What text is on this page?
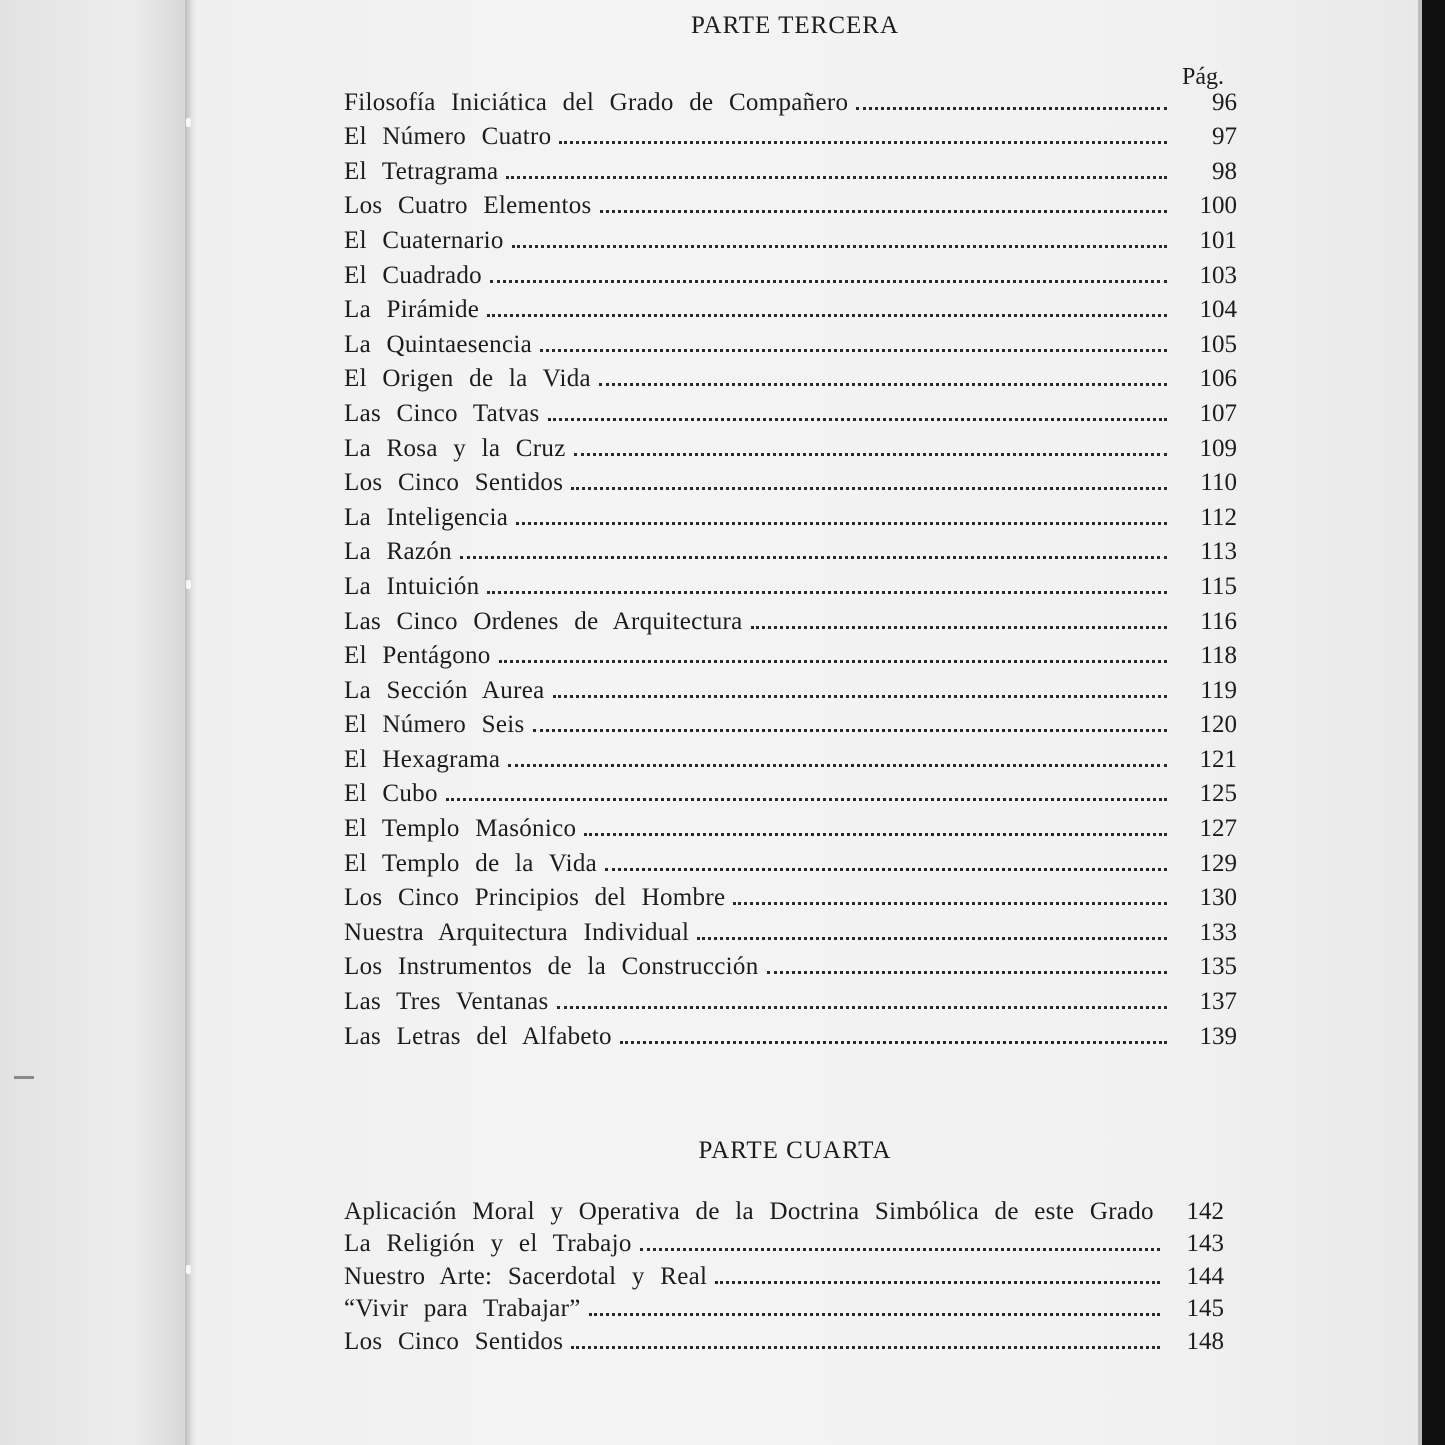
PARTE TERCERA
Pág.
Filosofía Iniciática del Grado de Compañero	96
El Número Cuatro	97
El Tetragrama	98
Los Cuatro Elementos	100
El Cuaternario	101
El Cuadrado	103
La Pirámide	104
La Quintaesencia	105
El Origen de la Vida	106
Las Cinco Tatvas	107
La Rosa y la Cruz	109
Los Cinco Sentidos	110
La Inteligencia	112
La Razón	113
La Intuición	115
Las Cinco Ordenes de Arquitectura	116
El Pentágono	118
La Sección Aurea	119
El Número Seis	120
El Hexagrama	121
El Cubo	125
El Templo Masónico	127
El Templo de la Vida	129
Los Cinco Principios del Hombre	130
Nuestra Arquitectura Individual	133
Los Instrumentos de la Construcción	135
Las Tres Ventanas	137
Las Letras del Alfabeto	139
PARTE CUARTA
Aplicación Moral y Operativa de la Doctrina Simbólica de este Grado	142
La Religión y el Trabajo	143
Nuestro Arte: Sacerdotal y Real	144
“Vivir para Trabajar”	145
Los Cinco Sentidos	148
